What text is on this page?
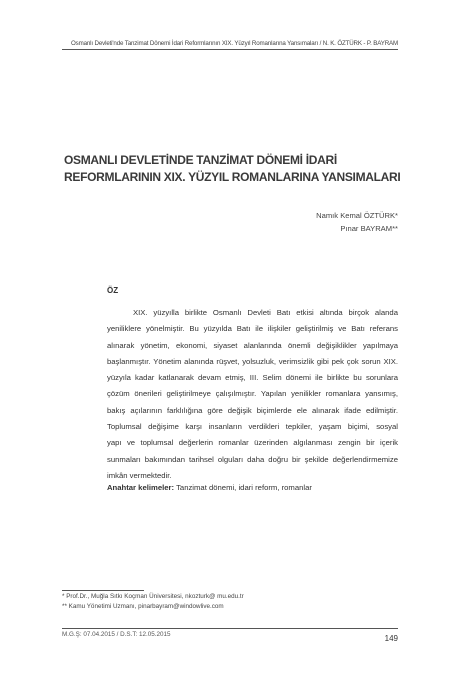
Osmanlı Devleti'nde Tanzimat Dönemi İdari Reformlarının XIX. Yüzyıl Romanlarına Yansımaları / N. K. ÖZTÜRK - P. BAYRAM
OSMANLI DEVLETİNDE TANZİMAT DÖNEMİ İDARİ
REFORMLARININ XIX. YÜZYIL ROMANLARINA YANSIMALARI
Namık Kemal ÖZTÜRK*
Pınar BAYRAM**
ÖZ
XIX. yüzyılla birlikte Osmanlı Devleti Batı etkisi altında birçok alanda
yeniliklere yönelmiştir. Bu yüzyılda Batı ile ilişkiler geliştirilmiş ve Batı referans
alınarak yönetim, ekonomi, siyaset alanlarında önemli değişiklikler yapılmaya
başlanmıştır. Yönetim alanında rüşvet, yolsuzluk, verimsizlik gibi pek çok sorun XIX.
yüzyıla kadar katlanarak devam etmiş, III. Selim dönemi ile birlikte bu sorunlara
çözüm önerileri geliştirilmeye çalışılmıştır. Yapılan yenilikler romanlara yansımış,
bakış açılarının farklılığına göre değişik biçimlerde ele alınarak ifade edilmiştir.
Toplumsal değişime karşı insanların verdikleri tepkiler, yaşam biçimi, sosyal
yapı ve toplumsal değerlerin romanlar üzerinden algılanması zengin bir içerik
sunmaları bakımından tarihsel olguları daha doğru bir şekilde değerlendirmemize
imkân vermektedir.
Anahtar kelimeler: Tanzimat dönemi, idari reform, romanlar
* Prof.Dr., Muğla Sıtkı Koçman Üniversitesi, nkozturk@ mu.edu.tr
** Kamu Yönetimi Uzmanı, pinarbayram@windowlive.com
M.G.Ş: 07.04.2015 / D.S.T: 12.05.2015	149
